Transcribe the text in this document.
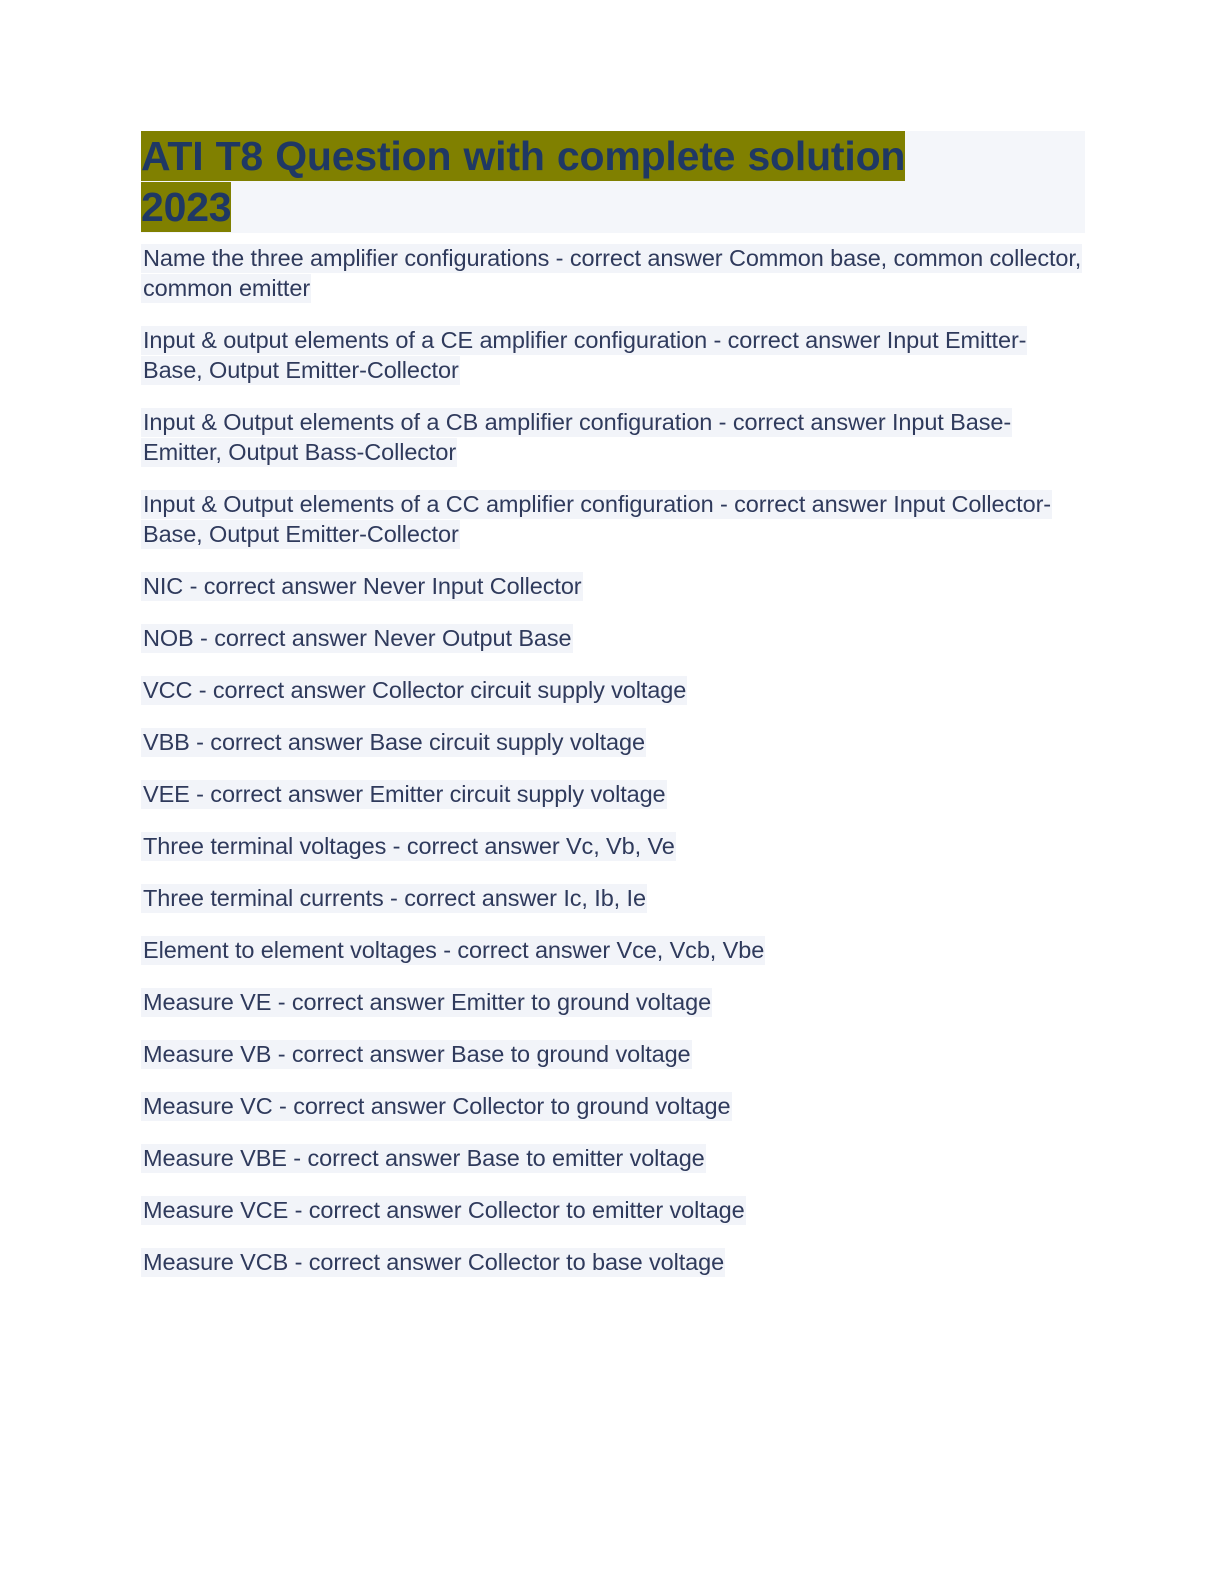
ATI T8 Question with complete solution
2023

Name the three amplifier configurations - correct answer Common base, common collector, common emitter

Input & output elements of a CE amplifier configuration - correct answer Input Emitter-Base, Output Emitter-Collector

Input & Output elements of a CB amplifier configuration - correct answer Input Base-Emitter, Output Bass-Collector

Input & Output elements of a CC amplifier configuration - correct answer Input Collector-Base, Output Emitter-Collector

NIC - correct answer Never Input Collector

NOB - correct answer Never Output Base

VCC - correct answer Collector circuit supply voltage

VBB - correct answer Base circuit supply voltage

VEE - correct answer Emitter circuit supply voltage

Three terminal voltages - correct answer Vc, Vb, Ve

Three terminal currents - correct answer Ic, Ib, Ie

Element to element voltages - correct answer Vce, Vcb, Vbe

Measure VE - correct answer Emitter to ground voltage

Measure VB - correct answer Base to ground voltage

Measure VC - correct answer Collector to ground voltage

Measure VBE - correct answer Base to emitter voltage

Measure VCE - correct answer Collector to emitter voltage

Measure VCB - correct answer Collector to base voltage
